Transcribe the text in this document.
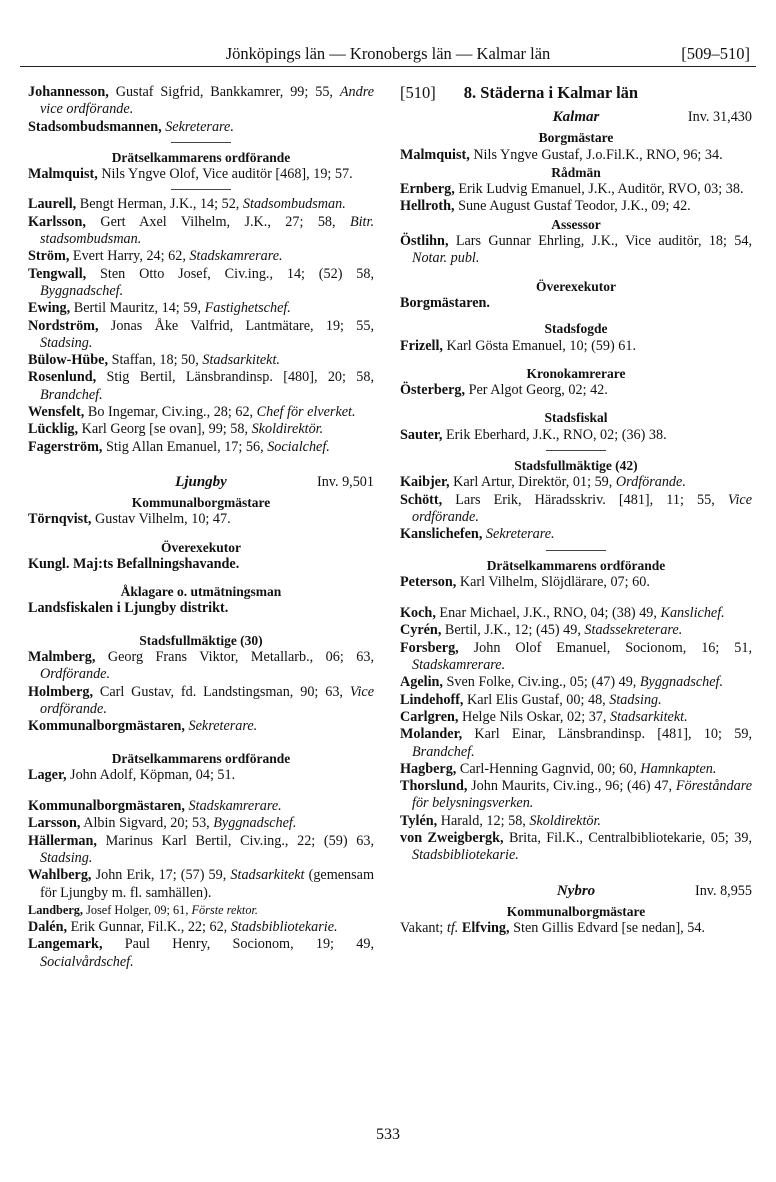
Jönköpings län — Kronobergs län — Kalmar län	[509–510]

Johannesson, Gustaf Sigfrid, Bankkamrer, 99; 55, Andre vice ordförande.

Stadsombudsmannen, Sekreterare.

Drätselkammarens ordförande

Malmquist, Nils Yngve Olof, Vice auditör [468], 19; 57.

Laurell, Bengt Herman, J.K., 14; 52, Stadsombudsman.

Karlsson, Gert Axel Vilhelm, J.K., 27; 58, Bitr. stadsombudsman.

Ström, Evert Harry, 24; 62, Stadskamrerare.

Tengwall, Sten Otto Josef, Civ.ing., 14; (52) 58, Byggnadschef.

Ewing, Bertil Mauritz, 14; 59, Fastighetschef.

Nordström, Jonas Åke Valfrid, Lantmätare, 19; 55, Stadsing.

Bülow-Hübe, Staffan, 18; 50, Stadsarkitekt.

Rosenlund, Stig Bertil, Länsbrandinsp. [480], 20; 58, Brandchef.

Wensfelt, Bo Ingemar, Civ.ing., 28; 62, Chef för elverket.

Lücklig, Karl Georg [se ovan], 99; 58, Skoldirektör.

Fagerström, Stig Allan Emanuel, 17; 56, Socialchef.

Ljungby	Inv. 9,501

Kommunalborgmästare

Törnqvist, Gustav Vilhelm, 10; 47.

Överexekutor

Kungl. Maj:ts Befallningshavande.

Åklagare o. utmätningsman

Landsfiskalen i Ljungby distrikt.

Stadsfullmäktige (30)

Malmberg, Georg Frans Viktor, Metallarb., 06; 63, Ordförande.

Holmberg, Carl Gustav, fd. Landstingsman, 90; 63, Vice ordförande.

Kommunalborgmästaren, Sekreterare.

Drätselkammarens ordförande

Lager, John Adolf, Köpman, 04; 51.

Kommunalborgmästaren, Stadskamrerare.

Larsson, Albin Sigvard, 20; 53, Byggnadschef.

Hällerman, Marinus Karl Bertil, Civ.ing., 22; (59) 63, Stadsing.

Wahlberg, John Erik, 17; (57) 59, Stadsarkitekt (gemensam för Ljungby m. fl. samhällen).

Landberg, Josef Holger, 09; 61, Förste rektor.

Dalén, Erik Gunnar, Fil.K., 22; 62, Stadsbibliotekarie.

Langemark, Paul Henry, Socionom, 19; 49, Socialvårdschef.

[510] 8. Städerna i Kalmar län

Kalmar	Inv. 31,430

Borgmästare

Malmquist, Nils Yngve Gustaf, J.o.Fil.K., RNO, 96; 34.

Rådmän

Ernberg, Erik Ludvig Emanuel, J.K., Auditör, RVO, 03; 38.

Hellroth, Sune August Gustaf Teodor, J.K., 09; 42.

Assessor

Östlihn, Lars Gunnar Ehrling, J.K., Vice auditör, 18; 54, Notar. publ.

Överexekutor

Borgmästaren.

Stadsfogde

Frizell, Karl Gösta Emanuel, 10; (59) 61.

Kronokamrerare

Österberg, Per Algot Georg, 02; 42.

Stadsfiskal

Sauter, Erik Eberhard, J.K., RNO, 02; (36) 38.

Stadsfullmäktige (42)

Kaibjer, Karl Artur, Direktör, 01; 59, Ordförande.

Schött, Lars Erik, Häradsskriv. [481], 11; 55, Vice ordförande.

Kanslichefen, Sekreterare.

Drätselkammarens ordförande

Peterson, Karl Vilhelm, Slöjdlärare, 07; 60.

Koch, Enar Michael, J.K., RNO, 04; (38) 49, Kanslichef.

Cyrén, Bertil, J.K., 12; (45) 49, Stadssekreterare.

Forsberg, John Olof Emanuel, Socionom, 16; 51, Stadskamrerare.

Agelin, Sven Folke, Civ.ing., 05; (47) 49, Byggnadschef.

Lindehoff, Karl Elis Gustaf, 00; 48, Stadsing.

Carlgren, Helge Nils Oskar, 02; 37, Stadsarkitekt.

Molander, Karl Einar, Länsbrandinsp. [481], 10; 59, Brandchef.

Hagberg, Carl-Henning Gagnvid, 00; 60, Hamnkapten.

Thorslund, John Maurits, Civ.ing., 96; (46) 47, Föreståndare för belysningsverken.

Tylén, Harald, 12; 58, Skoldirektör.

von Zweigbergk, Brita, Fil.K., Centralbibliotekarie, 05; 39, Stadsbibliotekarie.

Nybro	Inv. 8,955

Kommunalborgmästare

Vakant; tf. Elfving, Sten Gillis Edvard [se nedan], 54.

533
